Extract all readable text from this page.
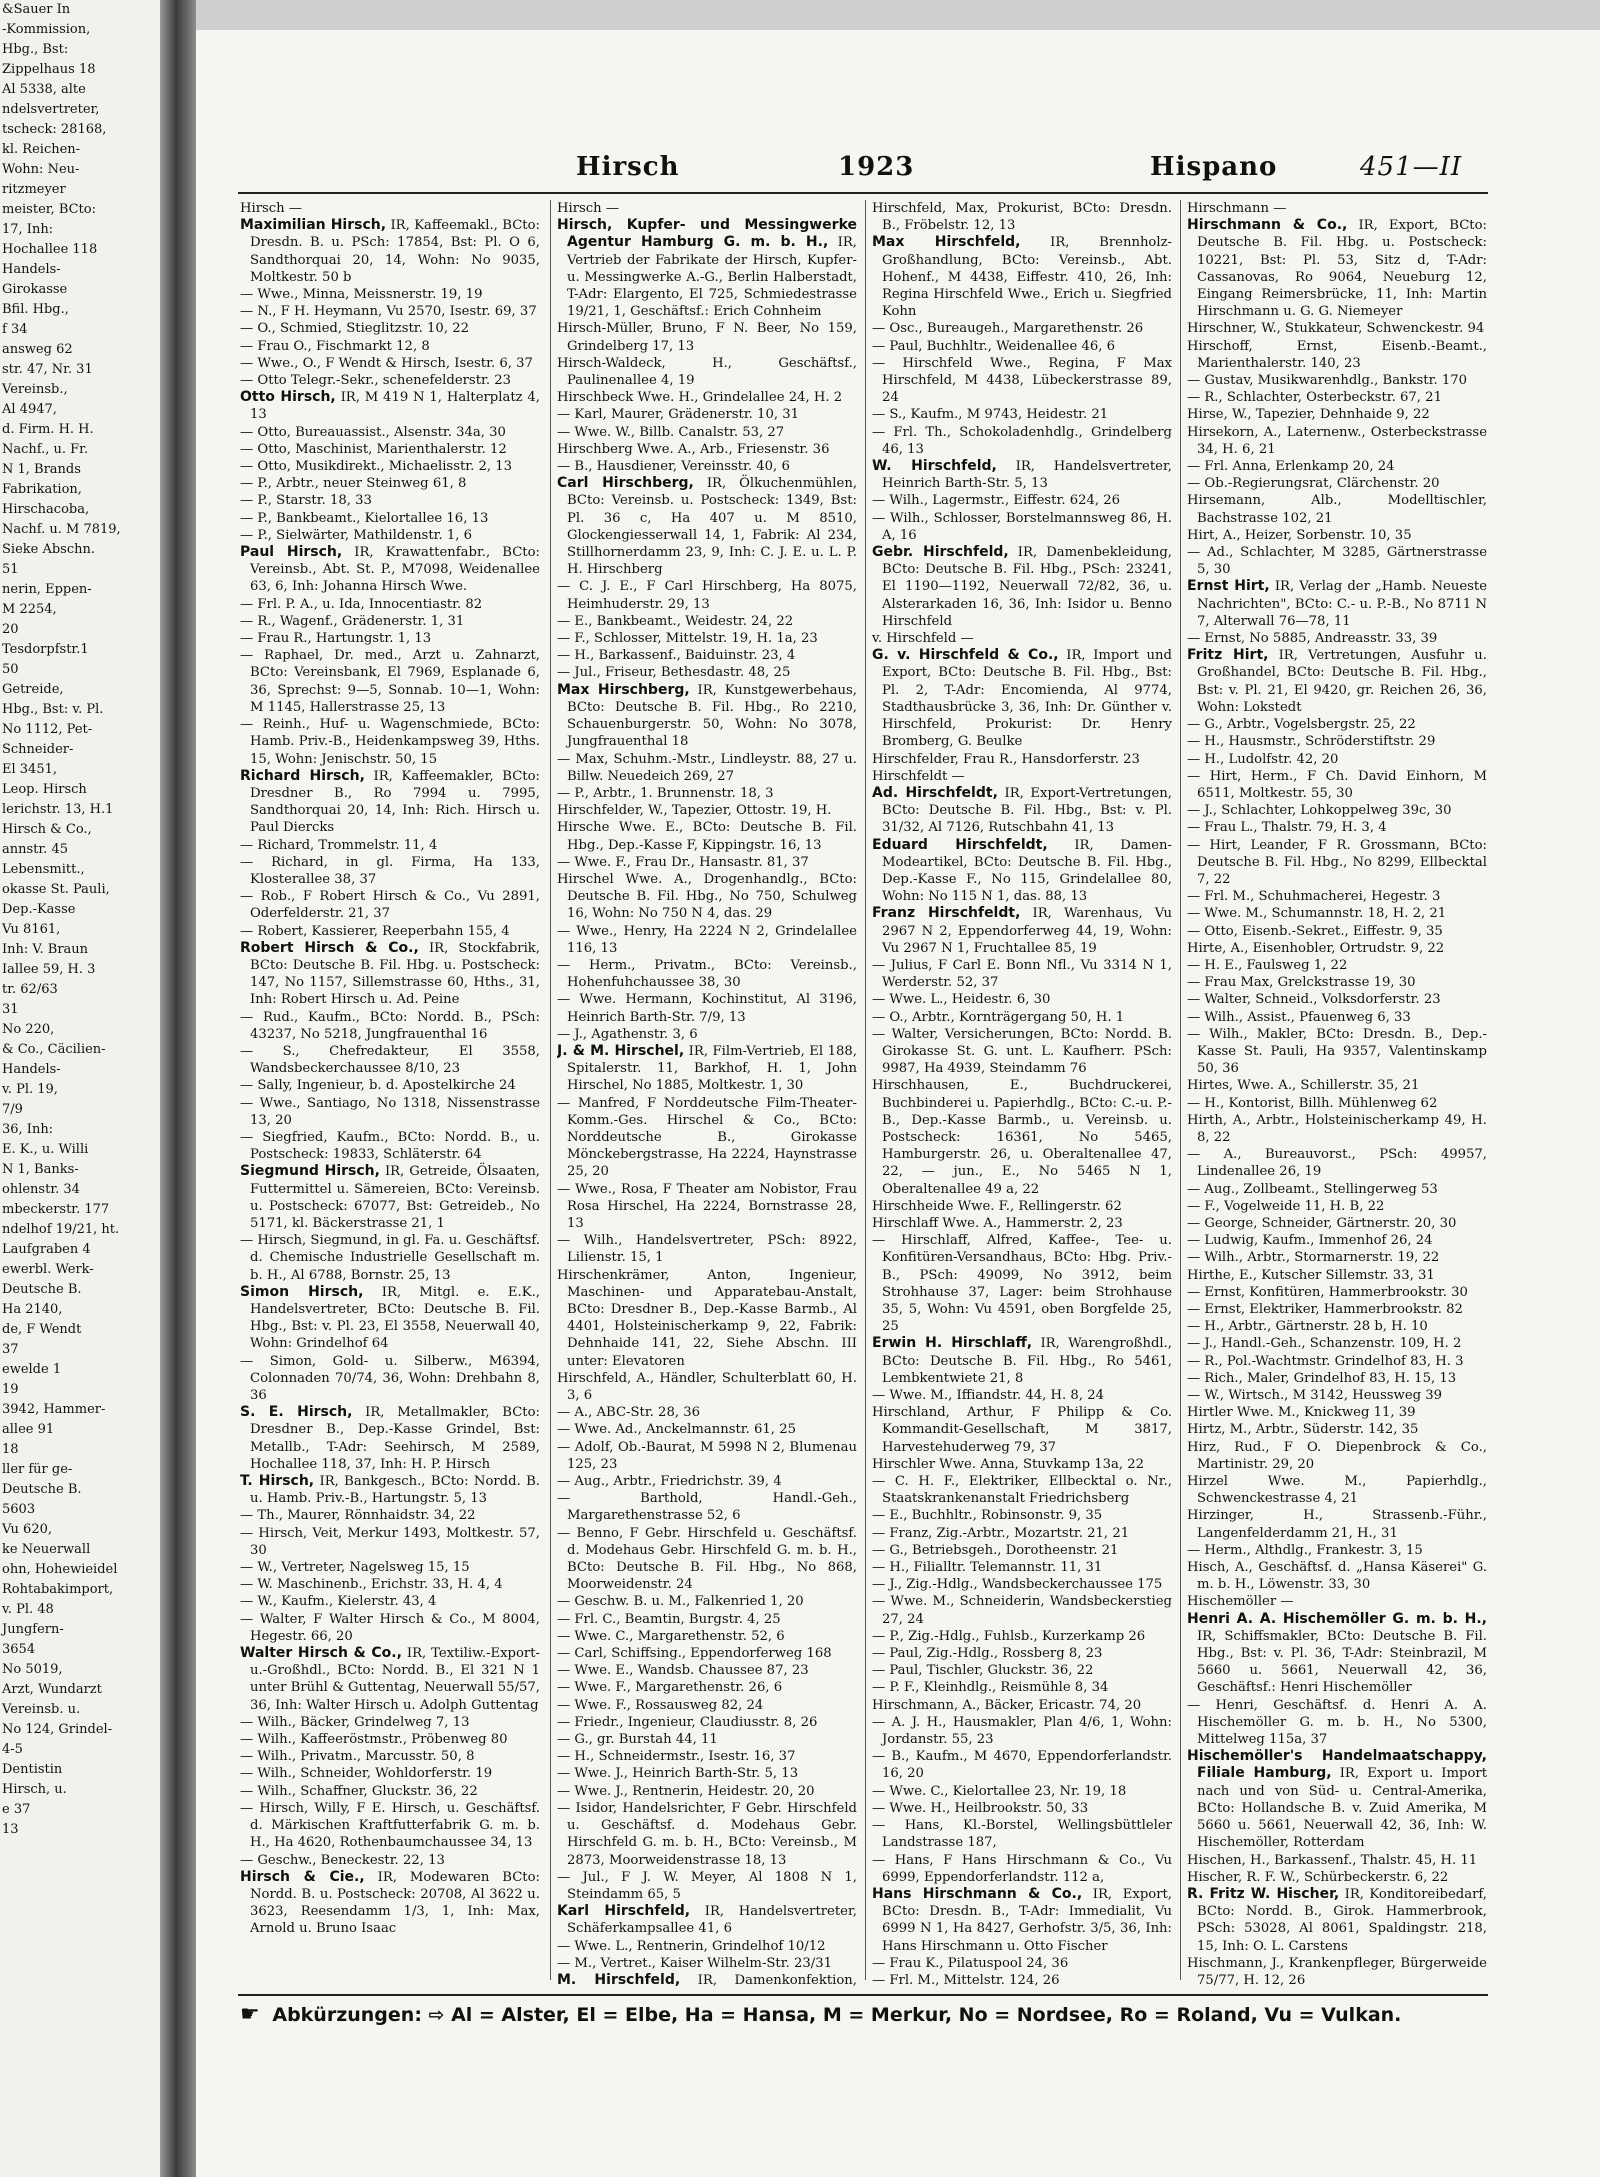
&Sauer In
-Kommission,
Hbg., Bst:
Zippelhaus 18
Al 5338, alte
ndelsvertreter,
tscheck: 28168,
kl. Reichen-
Wohn: Neu-
ritzmeyer
meister, BCto:
17, Inh:
Hochallee 118
Handels-
Girokasse
Bfil. Hbg.,
f 34
answeg 62
str. 47, Nr. 31
Vereinsb.,
Al 4947,
d. Firm. H. H.
Nachf., u. Fr.
N 1, Brands
Fabrikation,
Hirschacoba,
Nachf. u. M 7819,
Sieke Abschn.
51
nerin, Eppen-
M 2254,
20
Tesdorpfstr.1
50
Getreide,
Hbg., Bst: v. Pl.
No 1112, Pet-
Schneider-
El 3451,
Leop. Hirsch
lerichstr. 13, H.1
Hirsch & Co.,
annstr. 45
Lebensmitt.,
okasse St. Pauli,
Dep.-Kasse
Vu 8161,
Inh: V. Braun
Iallee 59, H. 3
tr. 62/63
31
No 220,
& Co., Cäcilien-
Handels-
v. Pl. 19,
7/9
36, Inh:
E. K., u. Willi
N 1, Banks-
ohlenstr. 34
mbeckerstr. 177
ndelhof 19/21, ht.
Laufgraben 4
ewerbl. Werk-
Deutsche B.
Ha 2140,
de, F Wendt
37
ewelde 1
19
3942, Hammer-
allee 91
18
ller für ge-
Deutsche B.
5603
Vu 620,
ke Neuerwall
ohn, Hohewieidel
Rohtabakimport,
v. Pl. 48
Jungfern-
3654
No 5019,
Arzt, Wundarzt
Vereinsb. u.
No 124, Grindel-
4-5
Dentistin
Hirsch, u.
e 37
13
Hirsch	1923	Hispano	451—II

Hirsch —

Maximilian Hirsch, IR, Kaffeemakl., BCto: Dresdn. B. u. PSch: 17854, Bst: Pl. O 6, Sandthorquai 20, 14, Wohn: No 9035, Moltkestr. 50 b

— Wwe., Minna, Meissnerstr. 19, 19

— N., F H. Heymann, Vu 2570, Isestr. 69, 37

— O., Schmied, Stieglitzstr. 10, 22

— Frau O., Fischmarkt 12, 8

— Wwe., O., F Wendt & Hirsch, Isestr. 6, 37

— Otto Telegr.-Sekr., schenefelderstr. 23

Otto Hirsch, IR, M 419 N 1, Halterplatz 4, 13

— Otto, Bureauassist., Alsenstr. 34a, 30

— Otto, Maschinist, Marienthalerstr. 12

— Otto, Musikdirekt., Michaelisstr. 2, 13

— P., Arbtr., neuer Steinweg 61, 8

— P., Starstr. 18, 33

— P., Bankbeamt., Kielortallee 16, 13

— P., Sielwärter, Mathildenstr. 1, 6

Paul Hirsch, IR, Krawattenfabr., BCto: Vereinsb., Abt. St. P., M7098, Weidenallee 63, 6, Inh: Johanna Hirsch Wwe.

— Frl. P. A., u. Ida, Innocentiastr. 82

— R., Wagenf., Grädenerstr. 1, 31

— Frau R., Hartungstr. 1, 13

— Raphael, Dr. med., Arzt u. Zahnarzt, BCto: Vereinsbank, El 7969, Esplanade 6, 36, Sprechst: 9—5, Sonnab. 10—1, Wohn: M 1145, Hallerstrasse 25, 13

— Reinh., Huf- u. Wagenschmiede, BCto: Hamb. Priv.-B., Heidenkampsweg 39, Hths. 15, Wohn: Jenischstr. 50, 15

Richard Hirsch, IR, Kaffeemakler, BCto: Dresdner B., Ro 7994 u. 7995, Sandthorquai 20, 14, Inh: Rich. Hirsch u. Paul Diercks

— Richard, Trommelstr. 11, 4

— Richard, in gl. Firma, Ha 133, Klosterallee 38, 37

— Rob., F Robert Hirsch & Co., Vu 2891, Oderfelderstr. 21, 37

— Robert, Kassierer, Reeperbahn 155, 4

Robert Hirsch & Co., IR, Stockfabrik, BCto: Deutsche B. Fil. Hbg. u. Postscheck: 147, No 1157, Sillemstrasse 60, Hths., 31, Inh: Robert Hirsch u. Ad. Peine

— Rud., Kaufm., BCto: Nordd. B., PSch: 43237, No 5218, Jungfrauenthal 16

— S., Chefredakteur, El 3558, Wandsbeckerchaussee 8/10, 23

— Sally, Ingenieur, b. d. Apostelkirche 24

— Wwe., Santiago, No 1318, Nissenstrasse 13, 20

— Siegfried, Kaufm., BCto: Nordd. B., u. Postscheck: 19833, Schläterstr. 64

Siegmund Hirsch, IR, Getreide, Ölsaaten, Futtermittel u. Sämereien, BCto: Vereinsb. u. Postscheck: 67077, Bst: Getreideb., No 5171, kl. Bäckerstrasse 21, 1

— Hirsch, Siegmund, in gl. Fa. u. Geschäftsf. d. Chemische Industrielle Gesellschaft m. b. H., Al 6788, Bornstr. 25, 13

Simon Hirsch, IR, Mitgl. e. E.K., Handelsvertreter, BCto: Deutsche B. Fil. Hbg., Bst: v. Pl. 23, El 3558, Neuerwall 40, Wohn: Grindelhof 64

— Simon, Gold- u. Silberw., M6394, Colonnaden 70/74, 36, Wohn: Drehbahn 8, 36

S. E. Hirsch, IR, Metallmakler, BCto: Dresdner B., Dep.-Kasse Grindel, Bst: Metallb., T-Adr: Seehirsch, M 2589, Hochallee 118, 37, Inh: H. P. Hirsch

T. Hirsch, IR, Bankgesch., BCto: Nordd. B. u. Hamb. Priv.-B., Hartungstr. 5, 13

— Th., Maurer, Rönnhaidstr. 34, 22

— Hirsch, Veit, Merkur 1493, Moltkestr. 57, 30

— W., Vertreter, Nagelsweg 15, 15

— W. Maschinenb., Erichstr. 33, H. 4, 4

— W., Kaufm., Kielerstr. 43, 4

— Walter, F Walter Hirsch & Co., M 8004, Hegestr. 66, 20

Walter Hirsch & Co., IR, Textiliw.-Export-u.-Großhdl., BCto: Nordd. B., El 321 N 1 unter Brühl & Guttentag, Neuerwall 55/57, 36, Inh: Walter Hirsch u. Adolph Guttentag

— Wilh., Bäcker, Grindelweg 7, 13

— Wilh., Kaffeeröstmstr., Pröbenweg 80

— Wilh., Privatm., Marcusstr. 50, 8

— Wilh., Schneider, Wohldorferstr. 19

— Wilh., Schaffner, Gluckstr. 36, 22

— Hirsch, Willy, F E. Hirsch, u. Geschäftsf. d. Märkischen Kraftfutterfabrik G. m. b. H., Ha 4620, Rothenbaumchaussee 34, 13

— Geschw., Beneckestr. 22, 13

Hirsch & Cie., IR, Modewaren BCto: Nordd. B. u. Postscheck: 20708, Al 3622 u. 3623, Reesendamm 1/3, 1, Inh: Max, Arnold u. Bruno Isaac

Hirsch —

Hirsch, Kupfer- und Messingwerke Agentur Hamburg G. m. b. H., IR, Vertrieb der Fabrikate der Hirsch, Kupfer- u. Messingwerke A.-G., Berlin Halberstadt, T-Adr: Elargento, El 725, Schmiedestrasse 19/21, 1, Geschäftsf.: Erich Cohnheim

Hirsch-Müller, Bruno, F N. Beer, No 159, Grindelberg 17, 13

Hirsch-Waldeck, H., Geschäftsf., Paulinenallee 4, 19

Hirschbeck Wwe. H., Grindelallee 24, H. 2

— Karl, Maurer, Grädenerstr. 10, 31

— Wwe. W., Billb. Canalstr. 53, 27

Hirschberg Wwe. A., Arb., Friesenstr. 36

— B., Hausdiener, Vereinsstr. 40, 6

Carl Hirschberg, IR, Ölkuchenmühlen, BCto: Vereinsb. u. Postscheck: 1349, Bst: Pl. 36 c, Ha 407 u. M 8510, Glockengiesserwall 14, 1, Fabrik: Al 234, Stillhornerdamm 23, 9, Inh: C. J. E. u. L. P. H. Hirschberg

— C. J. E., F Carl Hirschberg, Ha 8075, Heimhuderstr. 29, 13

— E., Bankbeamt., Weidestr. 24, 22

— F., Schlosser, Mittelstr. 19, H. 1a, 23

— H., Barkassenf., Baiduinstr. 23, 4

— Jul., Friseur, Bethesdastr. 48, 25

Max Hirschberg, IR, Kunstgewerbehaus, BCto: Deutsche B. Fil. Hbg., Ro 2210, Schauenburgerstr. 50, Wohn: No 3078, Jungfrauenthal 18

— Max, Schuhm.-Mstr., Lindleystr. 88, 27 u. Billw. Neuedeich 269, 27

— P., Arbtr., 1. Brunnenstr. 18, 3

Hirschfelder, W., Tapezier, Ottostr. 19, H.

Hirsche Wwe. E., BCto: Deutsche B. Fil. Hbg., Dep.-Kasse F, Kippingstr. 16, 13

— Wwe. F., Frau Dr., Hansastr. 81, 37

Hirschel Wwe. A., Drogenhandlg., BCto: Deutsche B. Fil. Hbg., No 750, Schulweg 16, Wohn: No 750 N 4, das. 29

— Wwe., Henry, Ha 2224 N 2, Grindelallee 116, 13

— Herm., Privatm., BCto: Vereinsb., Hohenfuhchaussee 38, 30

— Wwe. Hermann, Kochinstitut, Al 3196, Heinrich Barth-Str. 7/9, 13

— J., Agathenstr. 3, 6

J. & M. Hirschel, IR, Film-Vertrieb, El 188, Spitalerstr. 11, Barkhof, H. 1, John Hirschel, No 1885, Moltkestr. 1, 30

— Manfred, F Norddeutsche Film-Theater-Komm.-Ges. Hirschel & Co., BCto: Norddeutsche B., Girokasse Mönckebergstrasse, Ha 2224, Haynstrasse 25, 20

— Wwe., Rosa, F Theater am Nobistor, Frau Rosa Hirschel, Ha 2224, Bornstrasse 28, 13

— Wilh., Handelsvertreter, PSch: 8922, Lilienstr. 15, 1

Hirschenkrämer, Anton, Ingenieur, Maschinen- und Apparatebau-Anstalt, BCto: Dresdner B., Dep.-Kasse Barmb., Al 4401, Holsteinischerkamp 9, 22, Fabrik: Dehnhaide 141, 22, Siehe Abschn. III unter: Elevatoren

Hirschfeld, A., Händler, Schulterblatt 60, H. 3, 6

— A., ABC-Str. 28, 36

— Wwe. Ad., Anckelmannstr. 61, 25

— Adolf, Ob.-Baurat, M 5998 N 2, Blumenau 125, 23

— Aug., Arbtr., Friedrichstr. 39, 4

— Barthold, Handl.-Geh., Margarethenstrasse 52, 6

— Benno, F Gebr. Hirschfeld u. Geschäftsf. d. Modehaus Gebr. Hirschfeld G. m. b. H., BCto: Deutsche B. Fil. Hbg., No 868, Moorweidenstr. 24

— Geschw. B. u. M., Falkenried 1, 20

— Frl. C., Beamtin, Burgstr. 4, 25

— Wwe. C., Margarethenstr. 52, 6

— Carl, Schiffsing., Eppendorferweg 168

— Wwe. E., Wandsb. Chaussee 87, 23

— Wwe. F., Margarethenstr. 26, 6

— Wwe. F., Rossausweg 82, 24

— Friedr., Ingenieur, Claudiusstr. 8, 26

— G., gr. Burstah 44, 11

— H., Schneidermstr., Isestr. 16, 37

— Wwe. J., Heinrich Barth-Str. 5, 13

— Wwe. J., Rentnerin, Heidestr. 20, 20

— Isidor, Handelsrichter, F Gebr. Hirschfeld u. Geschäftsf. d. Modehaus Gebr. Hirschfeld G. m. b. H., BCto: Vereinsb., M 2873, Moorweidenstrasse 18, 13

— Jul., F J. W. Meyer, Al 1808 N 1, Steindamm 65, 5

Karl Hirschfeld, IR, Handelsvertreter, Schäferkampsallee 41, 6

— Wwe. L., Rentnerin, Grindelhof 10/12

— M., Vertret., Kaiser Wilhelm-Str. 23/31

M. Hirschfeld, IR, Damenkonfektion,

Hirschfeld, Max, Prokurist, BCto: Dresdn. B., Fröbelstr. 12, 13

Max Hirschfeld, IR, Brennholz-Großhandlung, BCto: Vereinsb., Abt. Hohenf., M 4438, Eiffestr. 410, 26, Inh: Regina Hirschfeld Wwe., Erich u. Siegfried Kohn

— Osc., Bureaugeh., Margarethenstr. 26

— Paul, Buchhltr., Weidenallee 46, 6

— Hirschfeld Wwe., Regina, F Max Hirschfeld, M 4438, Lübeckerstrasse 89, 24

— S., Kaufm., M 9743, Heidestr. 21

— Frl. Th., Schokoladenhdlg., Grindelberg 46, 13

W. Hirschfeld, IR, Handelsvertreter, Heinrich Barth-Str. 5, 13

— Wilh., Lagermstr., Eiffestr. 624, 26

— Wilh., Schlosser, Borstelmannsweg 86, H. A, 16

Gebr. Hirschfeld, IR, Damenbekleidung, BCto: Deutsche B. Fil. Hbg., PSch: 23241, El 1190—1192, Neuerwall 72/82, 36, u. Alsterarkaden 16, 36, Inh: Isidor u. Benno Hirschfeld

v. Hirschfeld —

G. v. Hirschfeld & Co., IR, Import und Export, BCto: Deutsche B. Fil. Hbg., Bst: Pl. 2, T-Adr: Encomienda, Al 9774, Stadthausbrücke 3, 36, Inh: Dr. Günther v. Hirschfeld, Prokurist: Dr. Henry Bromberg, G. Beulke

Hirschfelder, Frau R., Hansdorferstr. 23

Hirschfeldt —

Ad. Hirschfeldt, IR, Export-Vertretungen, BCto: Deutsche B. Fil. Hbg., Bst: v. Pl. 31/32, Al 7126, Rutschbahn 41, 13

Eduard Hirschfeldt, IR, Damen-Modeartikel, BCto: Deutsche B. Fil. Hbg., Dep.-Kasse F., No 115, Grindelallee 80, Wohn: No 115 N 1, das. 88, 13

Franz Hirschfeldt, IR, Warenhaus, Vu 2967 N 2, Eppendorferweg 44, 19, Wohn: Vu 2967 N 1, Fruchtallee 85, 19

— Julius, F Carl E. Bonn Nfl., Vu 3314 N 1, Werderstr. 52, 37

— Wwe. L., Heidestr. 6, 30

— O., Arbtr., Kornträgergang 50, H. 1

— Walter, Versicherungen, BCto: Nordd. B. Girokasse St. G. unt. L. Kaufherr. PSch: 9987, Ha 4939, Steindamm 76

Hirschhausen, E., Buchdruckerei, Buchbinderei u. Papierhdlg., BCto: C.-u. P.-B., Dep.-Kasse Barmb., u. Vereinsb. u. Postscheck: 16361, No 5465, Hamburgerstr. 26, u. Oberaltenallee 47, 22, — jun., E., No 5465 N 1, Oberaltenallee 49 a, 22

Hirschheide Wwe. F., Rellingerstr. 62

Hirschlaff Wwe. A., Hammerstr. 2, 23

— Hirschlaff, Alfred, Kaffee-, Tee- u. Konfitüren-Versandhaus, BCto: Hbg. Priv.-B., PSch: 49099, No 3912, beim Strohhause 37, Lager: beim Strohhause 35, 5, Wohn: Vu 4591, oben Borgfelde 25, 25

Erwin H. Hirschlaff, IR, Warengroßhdl., BCto: Deutsche B. Fil. Hbg., Ro 5461, Lembkentwiete 21, 8

— Wwe. M., Iffiandstr. 44, H. 8, 24

Hirschland, Arthur, F Philipp & Co. Kommandit-Gesellschaft, M 3817, Harvestehuderweg 79, 37

Hirschler Wwe. Anna, Stuvkamp 13a, 22

— C. H. F., Elektriker, Ellbecktal o. Nr., Staatskrankenanstalt Friedrichsberg

— E., Buchhltr., Robinsonstr. 9, 35

— Franz, Zig.-Arbtr., Mozartstr. 21, 21

— G., Betriebsgeh., Dorotheenstr. 21

— H., Filialltr. Telemannstr. 11, 31

— J., Zig.-Hdlg., Wandsbeckerchaussee 175

— Wwe. M., Schneiderin, Wandsbeckerstieg 27, 24

— P., Zig.-Hdlg., Fuhlsb., Kurzerkamp 26

— Paul, Zig.-Hdlg., Rossberg 8, 23

— Paul, Tischler, Gluckstr. 36, 22

— P. F., Kleinhdlg., Reismühle 8, 34

Hirschmann, A., Bäcker, Ericastr. 74, 20

— A. J. H., Hausmakler, Plan 4/6, 1, Wohn: Jordanstr. 55, 23

— B., Kaufm., M 4670, Eppendorferlandstr. 16, 20

— Wwe. C., Kielortallee 23, Nr. 19, 18

— Wwe. H., Heilbrookstr. 50, 33

— Hans, Kl.-Borstel, Wellingsbüttleler Landstrasse 187,

— Hans, F Hans Hirschmann & Co., Vu 6999, Eppendorferlandstr. 112 a,

Hans Hirschmann & Co., IR, Export, BCto: Dresdn. B., T-Adr: Immedialit, Vu 6999 N 1, Ha 8427, Gerhofstr. 3/5, 36, Inh: Hans Hirschmann u. Otto Fischer

— Frau K., Pilatuspool 24, 36

— Frl. M., Mittelstr. 124, 26

Hirschmann —

Hirschmann & Co., IR, Export, BCto: Deutsche B. Fil. Hbg. u. Postscheck: 10221, Bst: Pl. 53, Sitz d, T-Adr: Cassanovas, Ro 9064, Neueburg 12, Eingang Reimersbrücke, 11, Inh: Martin Hirschmann u. G. G. Niemeyer

Hirschner, W., Stukkateur, Schwenckestr. 94

Hirschoff, Ernst, Eisenb.-Beamt., Marienthalerstr. 140, 23

— Gustav, Musikwarenhdlg., Bankstr. 170

— R., Schlachter, Osterbeckstr. 67, 21

Hirse, W., Tapezier, Dehnhaide 9, 22

Hirsekorn, A., Laternenw., Osterbeckstrasse 34, H. 6, 21

— Frl. Anna, Erlenkamp 20, 24

— Ob.-Regierungsrat, Clärchenstr. 20

Hirsemann, Alb., Modelltischler, Bachstrasse 102, 21

Hirt, A., Heizer, Sorbenstr. 10, 35

— Ad., Schlachter, M 3285, Gärtnerstrasse 5, 30

Ernst Hirt, IR, Verlag der „Hamb. Neueste Nachrichten", BCto: C.- u. P.-B., No 8711 N 7, Alterwall 76—78, 11

— Ernst, No 5885, Andreasstr. 33, 39

Fritz Hirt, IR, Vertretungen, Ausfuhr u. Großhandel, BCto: Deutsche B. Fil. Hbg., Bst: v. Pl. 21, El 9420, gr. Reichen 26, 36, Wohn: Lokstedt

— G., Arbtr., Vogelsbergstr. 25, 22

— H., Hausmstr., Schröderstiftstr. 29

— H., Ludolfstr. 42, 20

— Hirt, Herm., F Ch. David Einhorn, M 6511, Moltkestr. 55, 30

— J., Schlachter, Lohkoppelweg 39c, 30

— Frau L., Thalstr. 79, H. 3, 4

— Hirt, Leander, F R. Grossmann, BCto: Deutsche B. Fil. Hbg., No 8299, Ellbecktal 7, 22

— Frl. M., Schuhmacherei, Hegestr. 3

— Wwe. M., Schumannstr. 18, H. 2, 21

— Otto, Eisenb.-Sekret., Eiffestr. 9, 35

Hirte, A., Eisenhobler, Ortrudstr. 9, 22

— H. E., Faulsweg 1, 22

— Frau Max, Grelckstrasse 19, 30

— Walter, Schneid., Volksdorferstr. 23

— Wilh., Assist., Pfauenweg 6, 33

— Wilh., Makler, BCto: Dresdn. B., Dep.-Kasse St. Pauli, Ha 9357, Valentinskamp 50, 36

Hirtes, Wwe. A., Schillerstr. 35, 21

— H., Kontorist, Billh. Mühlenweg 62

Hirth, A., Arbtr., Holsteinischerkamp 49, H. 8, 22

— A., Bureauvorst., PSch: 49957, Lindenallee 26, 19

— Aug., Zollbeamt., Stellingerweg 53

— F., Vogelweide 11, H. B, 22

— George, Schneider, Gärtnerstr. 20, 30

— Ludwig, Kaufm., Immenhof 26, 24

— Wilh., Arbtr., Stormarnerstr. 19, 22

Hirthe, E., Kutscher Sillemstr. 33, 31

— Ernst, Konfitüren, Hammerbrookstr. 30

— Ernst, Elektriker, Hammerbrookstr. 82

— H., Arbtr., Gärtnerstr. 28 b, H. 10

— J., Handl.-Geh., Schanzenstr. 109, H. 2

— R., Pol.-Wachtmstr. Grindelhof 83, H. 3

— Rich., Maler, Grindelhof 83, H. 15, 13

— W., Wirtsch., M 3142, Heussweg 39

Hirtler Wwe. M., Knickweg 11, 39

Hirtz, M., Arbtr., Süderstr. 142, 35

Hirz, Rud., F O. Diepenbrock & Co., Martinistr. 29, 20

Hirzel Wwe. M., Papierhdlg., Schwenckestrasse 4, 21

Hirzinger, H., Strassenb.-Führ., Langenfelderdamm 21, H., 31

— Herm., Althdlg., Frankestr. 3, 15

Hisch, A., Geschäftsf. d. „Hansa Käserei" G. m. b. H., Löwenstr. 33, 30

Hischemöller —

Henri A. A. Hischemöller G. m. b. H., IR, Schiffsmakler, BCto: Deutsche B. Fil. Hbg., Bst: v. Pl. 36, T-Adr: Steinbrazil, M 5660 u. 5661, Neuerwall 42, 36, Geschäftsf.: Henri Hischemöller

— Henri, Geschäftsf. d. Henri A. A. Hischemöller G. m. b. H., No 5300, Mittelweg 115a, 37

Hischemöller's Handelmaatschappy, Filiale Hamburg, IR, Export u. Import nach und von Süd- u. Central-Amerika, BCto: Hollandsche B. v. Zuid Amerika, M 5660 u. 5661, Neuerwall 42, 36, Inh: W. Hischemöller, Rotterdam

Hischen, H., Barkassenf., Thalstr. 45, H. 11

Hischer, R. F. W., Schürbeckerstr. 6, 22

R. Fritz W. Hischer, IR, Konditoreibedarf, BCto: Nordd. B., Girok. Hammerbrook, PSch: 53028, Al 8061, Spaldingstr. 218, 15, Inh: O. L. Carstens

Hischmann, J., Krankenpfleger, Bürgerweide 75/77, H. 12, 26

☛ Abkürzungen: ⇨ Al = Alster, El = Elbe, Ha = Hansa, M = Merkur, No = Nordsee, Ro = Roland, Vu = Vulkan.
